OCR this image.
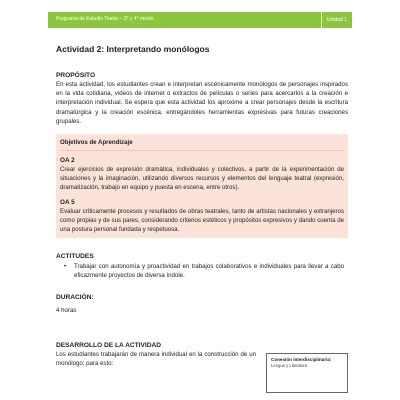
Programa de Estudio Teatro – 3° y 4° medio	Unidad 1
Actividad 2: Interpretando monólogos
PROPÓSITO

En esta actividad, los estudiantes crean e interpretan escénicamente monólogos de personajes inspirados en la vida cotidiana, videos de internet o extractos de películas o series para acercarlos a la creación e interpretación individual. Se espera que esta actividad los aproxime a crear personajes desde la escritura dramatúrgica y la creación escénica, entregándoles herramientas expresivas para futuras creaciones grupales.

Objetivos de Aprendizaje
OA 2

Crear ejercicios de expresión dramática, individuales y colectivos, a partir de la experimentación de situaciones y la imaginación, utilizando diversos recursos y elementos del lenguaje teatral (expresión, dramatización, trabajo en equipo y puesta en escena, entre otros).

OA 5

Evaluar críticamente procesos y resultados de obras teatrales, tanto de artistas nacionales y extranjeros como propias y de sus pares, considerando criterios estéticos y propósitos expresivos y dando cuenta de una postura personal fundada y respetuosa.

ACTITUDES
•	Trabajar con autonomía y proactividad en trabajos colaborativos e individuales para llevar a cabo eficazmente proyectos de diversa índole.

DURACIÓN:

4 horas

DESARROLLO DE LA ACTIVIDAD

Los estudiantes trabajarán de manera individual en la construcción de un monólogo; para esto:

Conexión interdisciplinaria:

Lengua y Literatura
